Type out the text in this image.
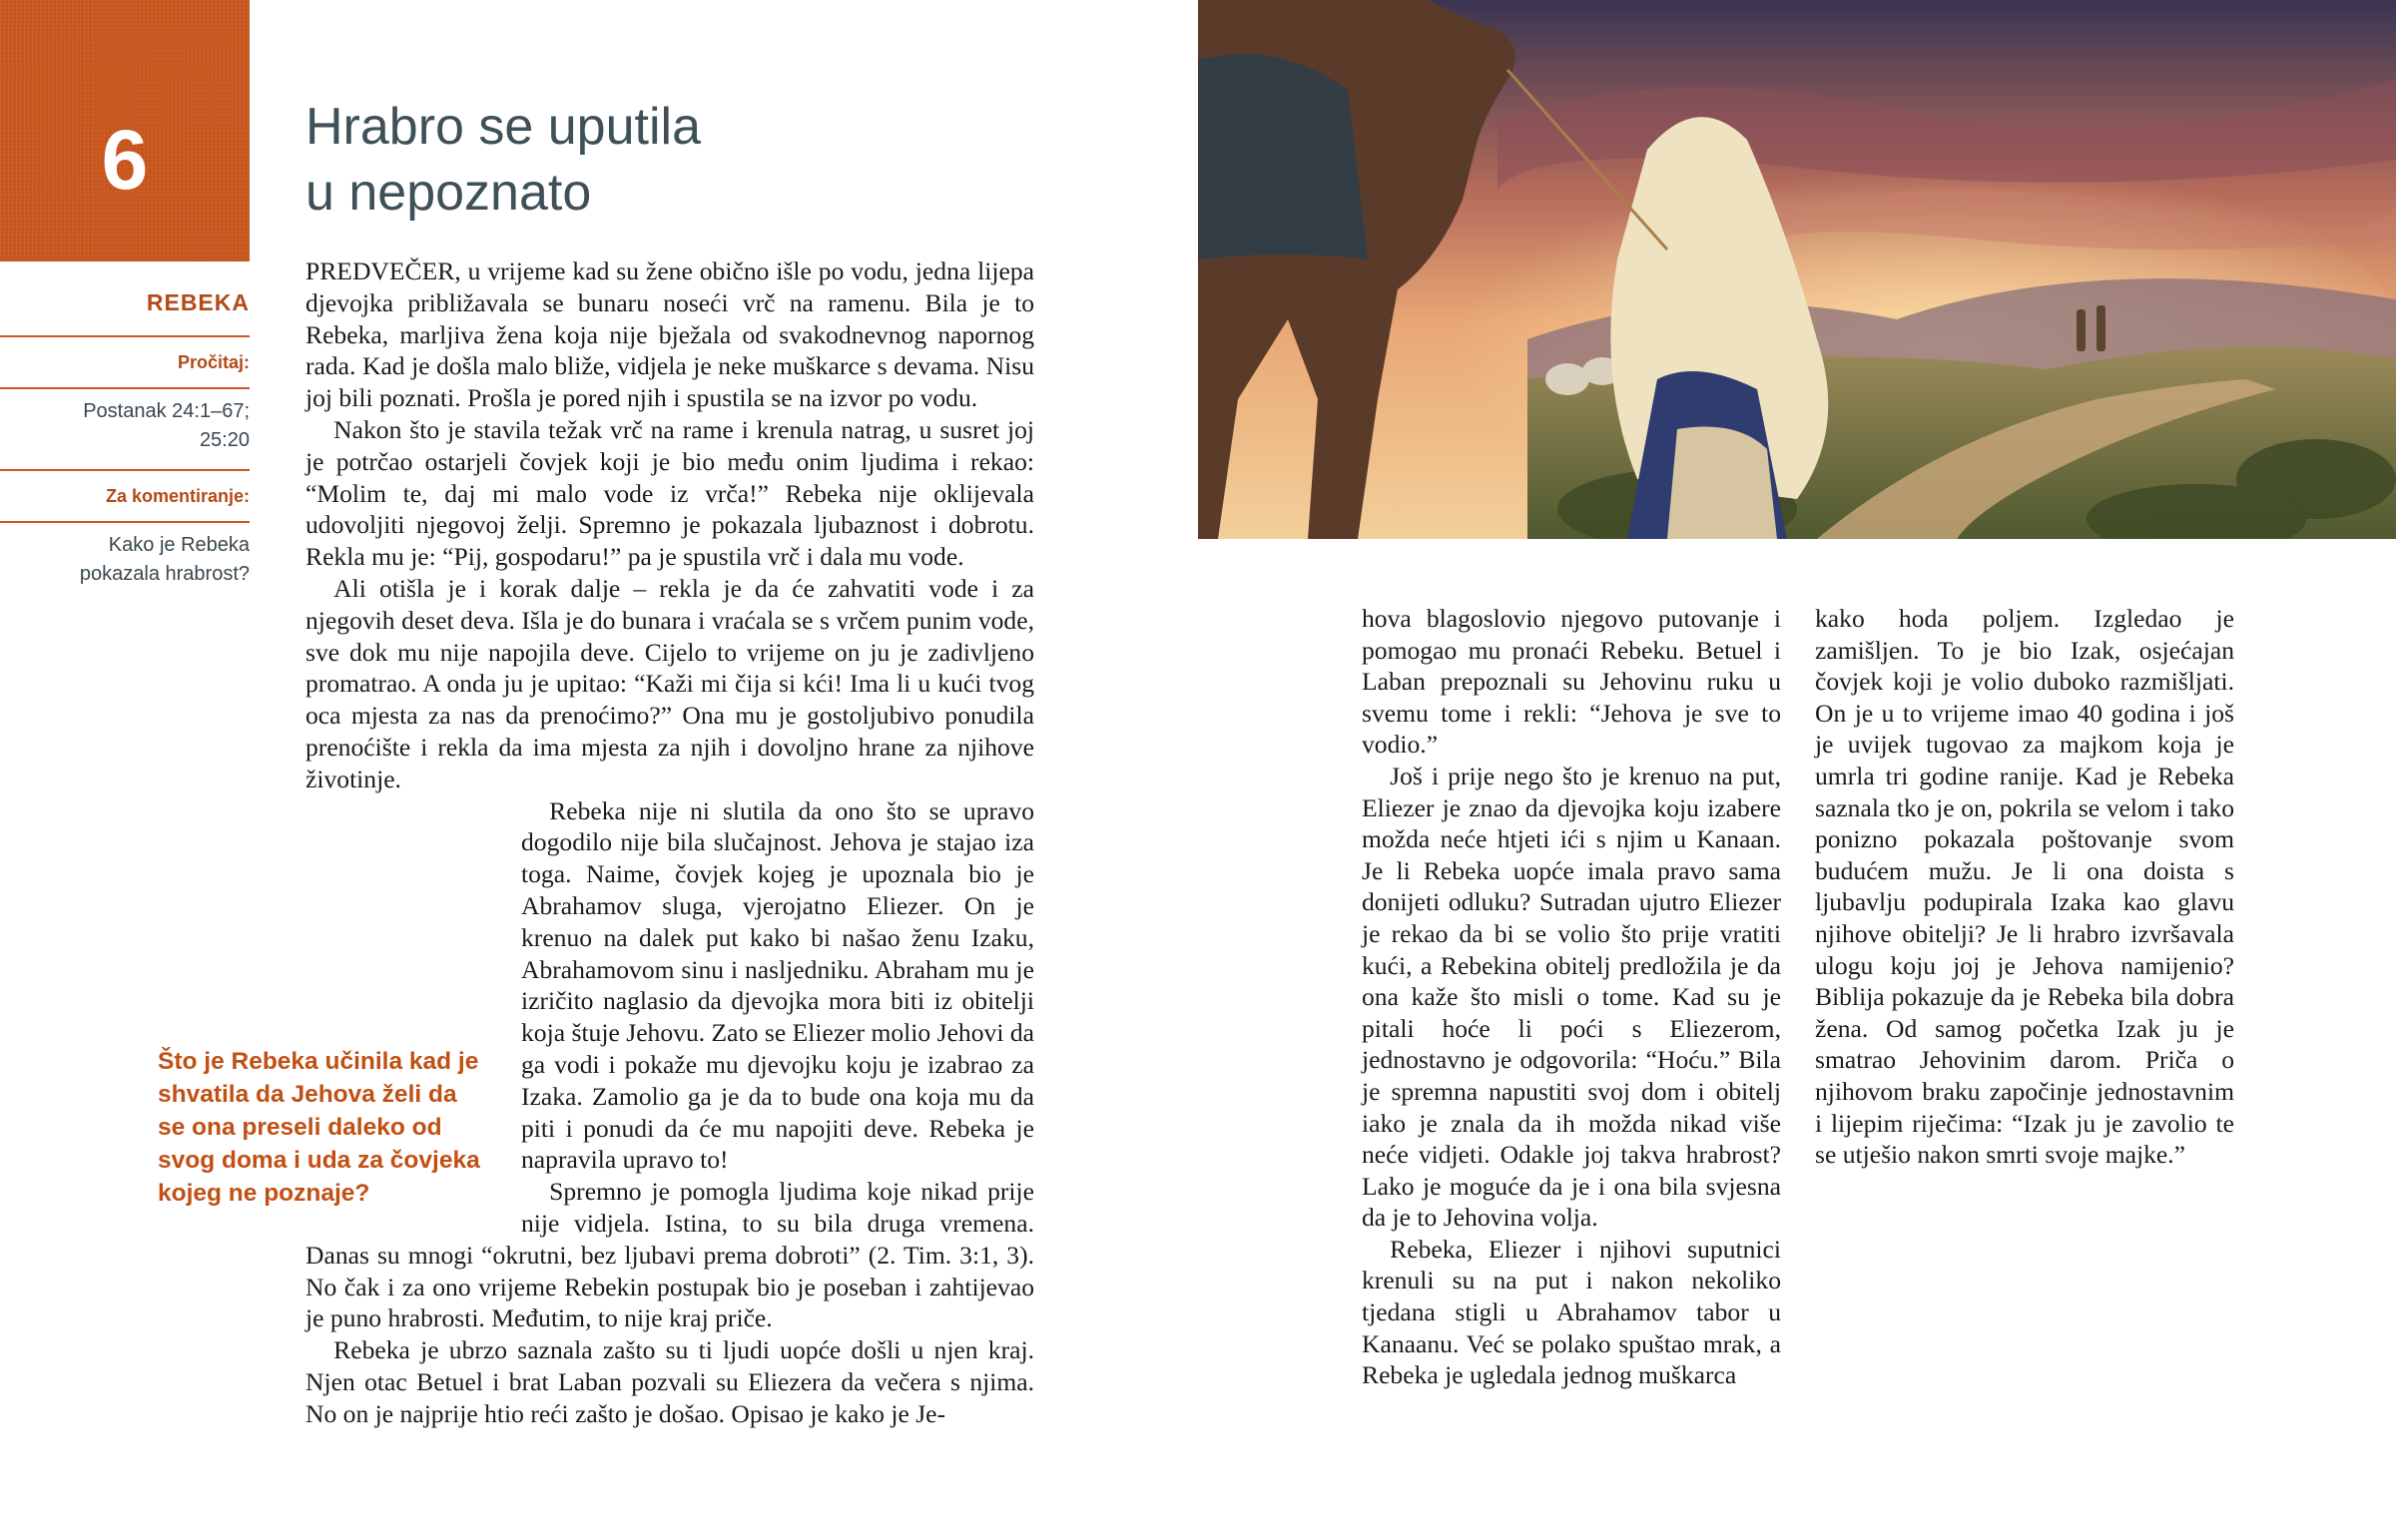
6
REBEKA
Pročitaj:
Postanak 24:1–67; 25:20
Za komentiranje:
Kako je Rebeka pokazala hrabrost?
Hrabro se uputila
u nepoznato

PREDVEČER, u vrijeme kad su žene obično išle po vodu, jedna lijepa djevojka približavala se bunaru noseći vrč na ramenu. Bila je to Rebeka, marljiva žena koja nije bježala od svakodnevnog napornog rada. Kad je došla malo bliže, vidjela je neke muškarce s devama. Nisu joj bili poznati. Prošla je pored njih i spustila se na izvor po vodu.

Nakon što je stavila težak vrč na rame i krenula natrag, u susret joj je potrčao ostarjeli čovjek koji je bio među onim ljudima i rekao: “Molim te, daj mi malo vode iz vrča!” Rebeka nije oklijevala udovoljiti njegovoj želji. Spremno je pokazala ljubaznost i dobrotu. Rekla mu je: “Pij, gospodaru!” pa je spustila vrč i dala mu vode.

Ali otišla je i korak dalje – rekla je da će zahvatiti vode i za njegovih deset deva. Išla je do bunara i vraćala se s vrčem punim vode, sve dok mu nije napojila deve. Cijelo to vrijeme on ju je zadivljeno promatrao. A onda ju je upitao: “Kaži mi čija si kći! Ima li u kući tvog oca mjesta za nas da prenoćimo?” Ona mu je gostoljubivo ponudila prenoćište i rekla da ima mjesta za njih i dovoljno hrane za njihove životinje.

Rebeka nije ni slutila da ono što se upravo dogodilo nije bila slučajnost. Jehova je stajao iza toga. Naime, čovjek kojeg je upoznala bio je Abrahamov sluga, vjerojatno Eliezer. On je krenuo na dalek put kako bi našao ženu Izaku, Abrahamovom sinu i nasljedniku. Abraham mu je izričito naglasio da djevojka mora biti iz obitelji koja štuje Jehovu. Zato se Eliezer molio Jehovi da ga vodi i pokaže mu djevojku koju je izabrao za Izaka. Zamolio ga je da to bude ona koja mu da piti i ponudi da će mu napojiti deve. Rebeka je napravila upravo to!

Spremno je pomogla ljudima koje nikad prije nije vidjela. Istina, to su bila druga vremena. Danas su mnogi “okrutni, bez ljubavi prema dobroti” (2. Tim. 3:1, 3). No čak i za ono vrijeme Rebekin postupak bio je poseban i zahtijevao je puno hrabrosti. Međutim, to nije kraj priče.

Rebeka je ubrzo saznala zašto su ti ljudi uopće došli u njen kraj. Njen otac Betuel i brat Laban pozvali su Eliezera da večera s njima. No on je najprije htio reći zašto je došao. Opisao je kako je Je-

Što je Rebeka učinila kad je shvatila da Jehova želi da se ona preseli daleko od svog doma i uda za čovjeka kojeg ne poznaje?

hova blagoslovio njegovo putovanje i pomogao mu pronaći Rebeku. Betuel i Laban prepoznali su Jehovinu ruku u svemu tome i rekli: “Jehova je sve to vodio.”

Još i prije nego što je krenuo na put, Eliezer je znao da djevojka koju izabere možda neće htjeti ići s njim u Kanaan. Je li Rebeka uopće imala pravo sama donijeti odluku? Sutradan ujutro Eliezer je rekao da bi se volio što prije vratiti kući, a Rebekina obitelj predložila je da ona kaže što misli o tome. Kad su je pitali hoće li poći s Eliezerom, jednostavno je odgovorila: “Hoću.” Bila je spremna napustiti svoj dom i obitelj iako je znala da ih možda nikad više neće vidjeti. Odakle joj takva hrabrost? Lako je moguće da je i ona bila svjesna da je to Jehovina volja.

Rebeka, Eliezer i njihovi suputnici krenuli su na put i nakon nekoliko tjedana stigli u Abrahamov tabor u Kanaanu. Već se polako spuštao mrak, a Rebeka je ugledala jednog muškarca

kako hoda poljem. Izgledao je zamišljen. To je bio Izak, osjećajan čovjek koji je volio duboko razmišljati. On je u to vrijeme imao 40 godina i još je uvijek tugovao za majkom koja je umrla tri godine ranije. Kad je Rebeka saznala tko je on, pokrila se velom i tako ponizno pokazala poštovanje svom budućem mužu. Je li ona doista s ljubavlju podupirala Izaka kao glavu njihove obitelji? Je li hrabro izvršavala ulogu koju joj je Jehova namijenio? Biblija pokazuje da je Rebeka bila dobra žena. Od samog početka Izak ju je smatrao Jehovinim darom. Priča o njihovom braku započinje jednostavnim i lijepim riječima: “Izak ju je zavolio te se utješio nakon smrti svoje majke.”
